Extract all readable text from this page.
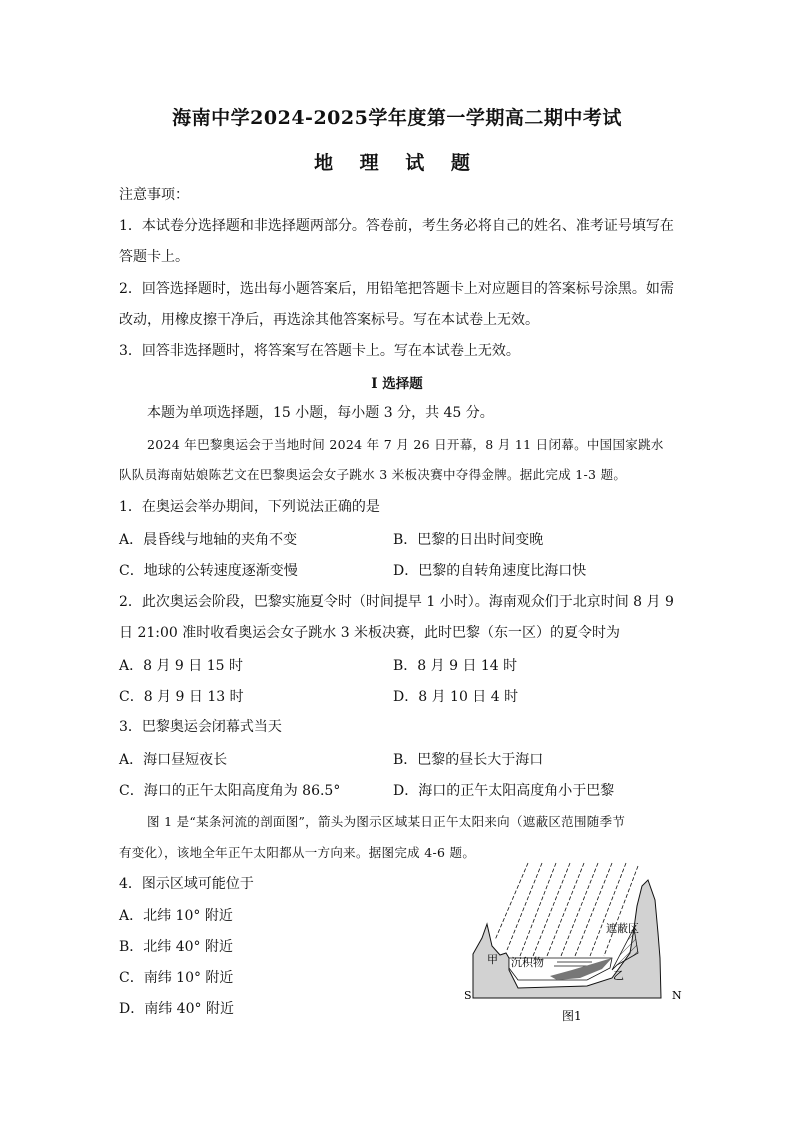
海南中学2024-2025学年度第一学期高二期中考试
地 理 试 题
注意事项：
1．本试卷分选择题和非选择题两部分。答卷前，考生务必将自己的姓名、准考证号填写在
答题卡上。
2．回答选择题时，选出每小题答案后，用铅笔把答题卡上对应题目的答案标号涂黑。如需
改动，用橡皮擦干净后，再选涂其他答案标号。写在本试卷上无效。
3．回答非选择题时，将答案写在答题卡上。写在本试卷上无效。
I 选择题
本题为单项选择题，15 小题，每小题 3 分，共 45 分。
2024 年巴黎奥运会于当地时间 2024 年 7 月 26 日开幕，8 月 11 日闭幕。中国国家跳水
队队员海南姑娘陈艺文在巴黎奥运会女子跳水 3 米板决赛中夺得金牌。据此完成 1-3 题。
1．在奥运会举办期间，下列说法正确的是
A．晨昏线与地轴的夹角不变	B．巴黎的日出时间变晚
C．地球的公转速度逐渐变慢	D．巴黎的自转角速度比海口快
2．此次奥运会阶段，巴黎实施夏令时（时间提早 1 小时）。海南观众们于北京时间 8 月 9
日 21:00 准时收看奥运会女子跳水 3 米板决赛，此时巴黎（东一区）的夏令时为
A．8 月 9 日 15 时	B．8 月 9 日 14 时
C．8 月 9 日 13 时	D．8 月 10 日 4 时
3．巴黎奥运会闭幕式当天
A．海口昼短夜长	B．巴黎的昼长大于海口
C．海口的正午太阳高度角为 86.5°	D．海口的正午太阳高度角小于巴黎
图 1 是“某条河流的剖面图”，箭头为图示区域某日正午太阳来向（遮蔽区范围随季节
有变化），该地全年正午太阳都从一方向来。据图完成 4-6 题。
4．图示区域可能位于
A．北纬 10° 附近
B．北纬 40° 附近
C．南纬 10° 附近
D．南纬 40° 附近
遮蔽区
甲 沉积物
乙
S	N
图1
